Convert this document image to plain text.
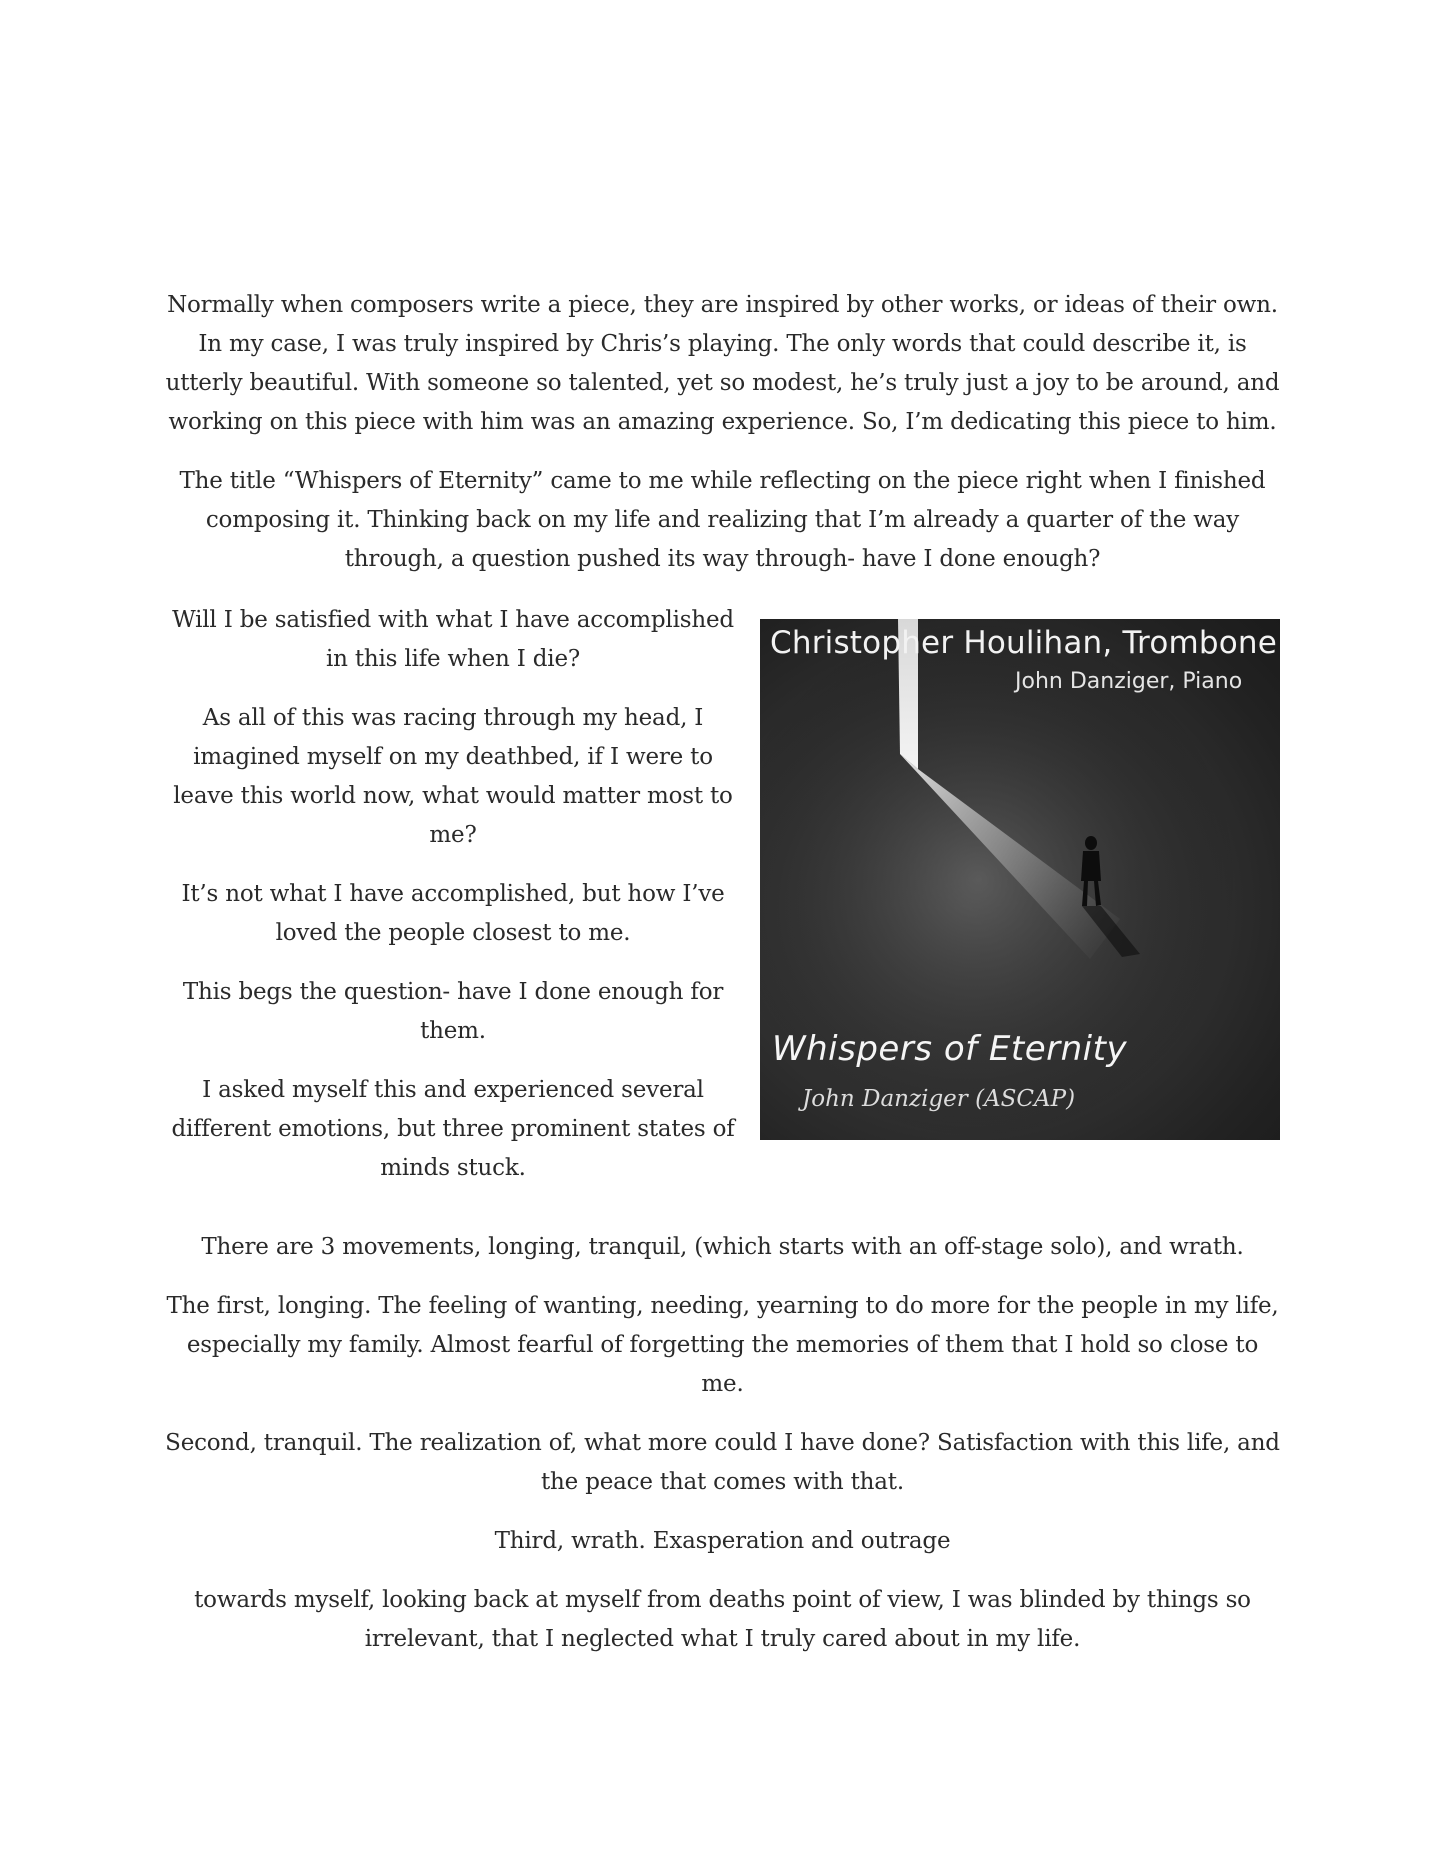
Normally when composers write a piece, they are inspired by other works, or ideas of their own. In my case, I was truly inspired by Chris’s playing. The only words that could describe it, is utterly beautiful. With someone so talented, yet so modest, he’s truly just a joy to be around, and working on this piece with him was an amazing experience. So, I’m dedicating this piece to him.

The title “Whispers of Eternity” came to me while reflecting on the piece right when I finished composing it. Thinking back on my life and realizing that I’m already a quarter of the way through, a question pushed its way through- have I done enough?

Will I be satisfied with what I have accomplished in this life when I die?

As all of this was racing through my head, I imagined myself on my deathbed, if I were to leave this world now, what would matter most to me?

It’s not what I have accomplished, but how I’ve loved the people closest to me.

This begs the question- have I done enough for them.

I asked myself this and experienced several different emotions, but three prominent states of minds stuck.

Christopher Houlihan, Trombone
John Danziger, Piano
Whispers of Eternity
John Danziger (ASCAP)

There are 3 movements, longing, tranquil, (which starts with an off-stage solo), and wrath.

The first, longing. The feeling of wanting, needing, yearning to do more for the people in my life, especially my family. Almost fearful of forgetting the memories of them that I hold so close to me.

Second, tranquil. The realization of, what more could I have done? Satisfaction with this life, and the peace that comes with that.

Third, wrath. Exasperation and outrage

towards myself, looking back at myself from deaths point of view, I was blinded by things so irrelevant, that I neglected what I truly cared about in my life.
